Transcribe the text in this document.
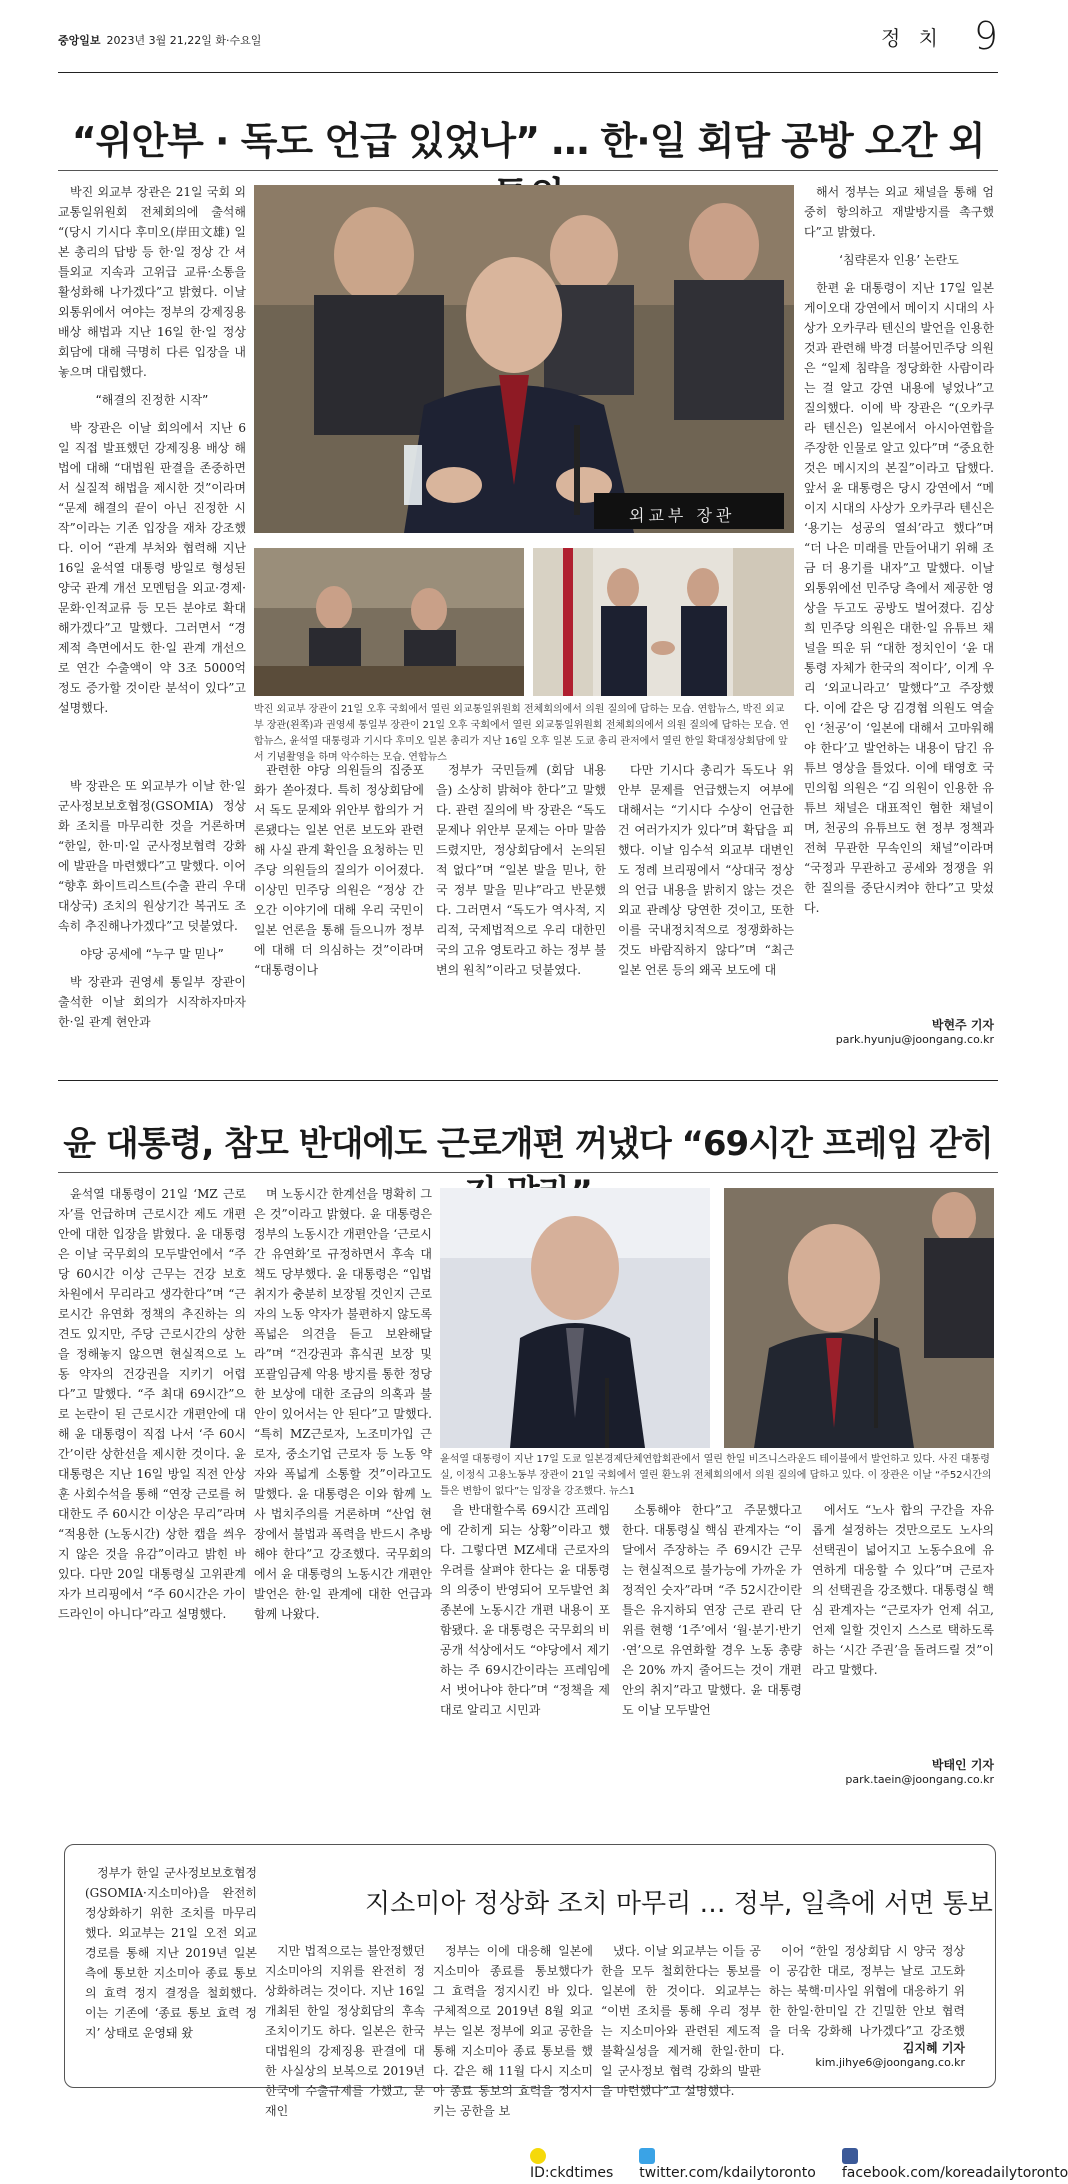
중앙일보 2023년 3월 21,22일 화·수요일	정 치 9
“위안부 · 독도 언급 있었나” … 한·일 회담 공방 오간 외

박진 외교부 장관은 21일 국회 외교통일위원회 전체회의에 출석해 “(당시 기시다 후미오(岸田文雄) 일본 총리의 답방 등 한·일 정상 간 셔틀외교 지속과 고위급 교류·소통을 활성화해 나가겠다”고 밝혔다. 이날 외통위에서 여야는 정부의 강제징용 배상 해법과 지난 16일 한·일 정상회담에 대해 극명히 다른 입장을 내놓으며 대립했다.

“해결의 진정한 시작”

박 장관은 이날 회의에서 지난 6일 직접 발표했던 강제징용 배상 해법에 대해 “대법원 판결을 존중하면서 실질적 해법을 제시한 것”이라며 “문제 해결의 끝이 아닌 진정한 시작”이라는 기존 입장을 재차 강조했다. 이어 “관계 부처와 협력해 지난 16일 윤석열 대통령 방일로 형성된 양국 관계 개선 모멘텀을 외교·경제·문화·인적교류 등 모든 분야로 확대해가겠다”고 말했다. 그러면서 “경제적 측면에서도 한·일 관계 개선으로 연간 수출액이 약 3조 5000억 정도 증가할 것이란 분석이 있다”고 설명했다.

외교부 장관
박진 외교부 장관이 21일 오후 국회에서 열린 외교통일위원회 전체회의에서 의원 질의에 답하는 모습. 연합뉴스, 박진 외교부 장관(왼쪽)과 권영세 통일부 장관이 21일 오후 국회에서 열린 외교통일위원회 전체회의에서 의원 질의에 답하는 모습. 연합뉴스, 윤석열 대통령과 기시다 후미오 일본 총리가 지난 16일 오후 일본 도쿄 총리 관저에서 열린 한일 확대정상회담에 앞서 기념촬영을 하며 악수하는 모습. 연합뉴스

관련한 야당 의원들의 집중포화가 쏟아졌다. 특히 정상회담에서 독도 문제와 위안부 합의가 거론됐다는 일본 언론 보도와 관련해 사실 관계 확인을 요청하는 민주당 의원들의 질의가 이어졌다. 이상민 민주당 의원은 “정상 간 오간 이야기에 대해 우리 국민이 일본 언론을 통해 들으니까 정부에 대해 더 의심하는 것”이라며 “대통령이나

정부가 국민들께 (회담 내용을) 소상히 밝혀야 한다”고 말했다. 관련 질의에 박 장관은 “독도 문제나 위안부 문제는 아마 말씀드렸지만, 정상회담에서 논의된 적 없다”며 “일본 발을 믿나, 한국 정부 말을 믿냐”라고 반문했다. 그러면서 “독도가 역사적, 지리적, 국제법적으로 우리 대한민국의 고유 영토라고 하는 정부 불변의 원칙”이라고 덧붙였다.

다만 기시다 총리가 독도나 위안부 문제를 언급했는지 여부에 대해서는 “기시다 수상이 언급한 건 여러가지가 있다”며 확답을 피했다. 이날 임수석 외교부 대변인도 정례 브리핑에서 “상대국 정상의 언급 내용을 밝히지 않는 것은 외교 관례상 당연한 것이고, 또한 이를 국내정치적으로 정쟁화하는 것도 바람직하지 않다”며 “최근 일본 언론 등의 왜곡 보도에 대

해서 정부는 외교 채널을 통해 엄중히 항의하고 재발방지를 촉구했다”고 밝혔다.

‘침략론자 인용’ 논란도

한편 윤 대통령이 지난 17일 일본 게이오대 강연에서 메이지 시대의 사상가 오카쿠라 텐신의 발언을 인용한 것과 관련해 박경 더불어민주당 의원은 “일제 침략을 정당화한 사람이라는 걸 알고 강연 내용에 넣었나”고 질의했다. 이에 박 장관은 “(오카쿠라 텐신은) 일본에서 아시아연합을 주장한 인물로 알고 있다”며 “중요한 것은 메시지의 본질”이라고 답했다. 앞서 윤 대통령은 당시 강연에서 “메이지 시대의 사상가 오카쿠라 텐신은 ‘용기는 성공의 열쇠’라고 했다”며 “더 나은 미래를 만들어내기 위해 조금 더 용기를 내자”고 말했다. 이날 외통위에선 민주당 측에서 제공한 영상을 두고도 공방도 벌어졌다. 김상희 민주당 의원은 대한·일 유튜브 채널을 띄운 뒤 “대한 정치인이 ‘윤 대통령 자체가 한국의 적이다’, 이게 우리 ‘외교니라고’ 말했다”고 주장했다. 이에 같은 당 김경협 의원도 역술인 ‘천공’이 ‘일본에 대해서 고마워해야 한다’고 발언하는 내용이 담긴 유튜브 영상을 틀었다. 이에 태영호 국민의힘 의원은 “김 의원이 인용한 유튜브 채널은 대표적인 혐한 채널이며, 천공의 유튜브도 현 정부 정책과 전혀 무관한 무속인의 채널”이라며 “국정과 무관하고 공세와 정쟁을 위한 질의를 중단시켜야 한다”고 맞섰다.

박 장관은 또 외교부가 이날 한·일 군사정보보호협정(GSOMIA) 정상화 조치를 마무리한 것을 거론하며 “한일, 한·미·일 군사정보협력 강화에 발판을 마련했다”고 말했다. 이어 “향후 화이트리스트(수출 관리 우대 대상국) 조치의 원상기간 복귀도 조속히 추진해나가겠다”고 덧붙였다.

야당 공세에 “누구 말 믿나”

박 장관과 권영세 통일부 장관이 출석한 이날 회의가 시작하자마자 한·일 관계 현안과	박현주 기자
park.hyunju@joongang.co.kr
윤 대통령, 참모 반대에도 근로개편 꺼냈다 “69시간 프레임 갇히

윤석열 대통령이 21일 ‘MZ 근로자’를 언급하며 근로시간 제도 개편안에 대한 입장을 밝혔다. 윤 대통령은 이날 국무회의 모두발언에서 “주당 60시간 이상 근무는 건강 보호 차원에서 무리라고 생각한다”며 “근로시간 유연화 정책의 추진하는 의견도 있지만, 주당 근로시간의 상한을 정해놓지 않으면 현실적으로 노동 약자의 건강권을 지키기 어렵다”고 말했다. “주 최대 69시간”으로 논란이 된 근로시간 개편안에 대해 윤 대통령이 직접 나서 ‘주 60시간’이란 상한선을 제시한 것이다. 윤 대통령은 지난 16일 방일 직전 안상훈 사회수석을 통해 “연장 근로를 허대한도 주 60시간 이상은 무리”라며 “적용한 (노동시간) 상한 캡을 씌우지 않은 것을 유감”이라고 밝힌 바 있다. 다만 20일 대통령실 고위관계자가 브리핑에서 “주 60시간은 가이드라인이 아니다”라고 설명했다.

며 노동시간 한계선을 명확히 그은 것”이라고 밝혔다. 윤 대통령은 정부의 노동시간 개편안을 ‘근로시간 유연화’로 규정하면서 후속 대책도 당부했다. 윤 대통령은 “입법 취지가 충분히 보장될 것인지 근로자의 노동 약자가 불편하지 않도록 폭넓은 의견을 듣고 보완해달라”며 “건강권과 휴식권 보장 및 포괄임금제 악용 방지를 통한 정당한 보상에 대한 조금의 의혹과 불안이 있어서는 안 된다”고 말했다. “특히 MZ근로자, 노조미가입 근로자, 중소기업 근로자 등 노동 약자와 폭넓게 소통할 것”이라고도 말했다. 윤 대통령은 이와 함께 노사 법치주의를 거론하며 “산업 현장에서 불법과 폭력을 반드시 추방해야 한다”고 강조했다. 국무회의에서 윤 대통령의 노동시간 개편안 발언은 한·일 관계에 대한 언급과 함께 나왔다.

윤석열 대통령이 지난 17일 도쿄 일본경제단체연합회관에서 열린 한일 비즈니스라운드 테이블에서 발언하고 있다. 사진 대통령실, 이정식 고용노동부 장관이 21일 국회에서 열린 환노위 전체회의에서 의원 질의에 답하고 있다. 이 장관은 이날 “주52시간의 틀은 변함이 없다”는 입장을 강조했다. 뉴스1

을 반대할수록 69시간 프레임에 갇히게 되는 상황”이라고 했다. 그렇다면 MZ세대 근로자의 우려를 살펴야 한다는 윤 대통령의 의중이 반영되어 모두발언 최종본에 노동시간 개편 내용이 포함됐다. 윤 대통령은 국무회의 비공개 석상에서도 “야당에서 제기하는 주 69시간이라는 프레임에서 벗어나야 한다”며 “정책을 제대로 알리고 시민과

소통해야 한다”고 주문했다고 한다. 대통령실 핵심 관계자는 “이달에서 주장하는 주 69시간 근무는 현실적으로 불가능에 가까운 가정적인 숫자”라며 “주 52시간이란 틀은 유지하되 연장 근로 관리 단위를 현행 ‘1주’에서 ‘월·분기·반기·연’으로 유연화할 경우 노동 총량은 20% 까지 줄어드는 것이 개편안의 취지”라고 말했다. 윤 대통령도 이날 모두발언

에서도 “노사 합의 구간을 자유롭게 설정하는 것만으로도 노사의 선택권이 넓어지고 노동수요에 유연하게 대응할 수 있다”며 근로자의 선택권을 강조했다. 대통령실 핵심 관계자는 “근로자가 언제 쉬고, 언제 일할 것인지 스스로 택하도록 하는 ‘시간 주권’을 돌려드릴 것”이라고 말했다.

박태인 기자
park.taein@joongang.co.kr
지소미아 정상화 조치 마무리 … 정부, 일측에 서면 통보

정부가 한일 군사정보보호협정(GSOMIA·지소미아)을 완전히 정상화하기 위한 조치를 마무리했다. 외교부는 21일 오전 외교경로를 통해 지난 2019년 일본 측에 통보한 지소미아 종료 통보의 효력 정지 결정을 철회했다. 이는 기존에 ‘종료 통보 효력 정지’ 상태로 운영돼 왔

지만 법적으로는 불안정했던 지소미아의 지위를 완전히 정상화하려는 것이다. 지난 16일 개최된 한일 정상회담의 후속 조치이기도 하다. 일본은 한국 대법원의 강제징용 판결에 대한 사실상의 보복으로 2019년 한국에 수출규제를 가했고, 문재인

정부는 이에 대응해 일본에 지소미아 종료를 통보했다가 그 효력을 정지시킨 바 있다. 구체적으로 2019년 8월 외교부는 일본 정부에 외교 공한을 통해 지소미아 종료 통보를 했다. 같은 해 11월 다시 지소미아 종료 통보의 효력을 정지시키는 공한을 보

냈다. 이날 외교부는 이들 공한을 모두 철회한다는 통보를 일본에 한 것이다. 외교부는 “이번 조치를 통해 우리 정부는 지소미아와 관련된 제도적 불확실성을 제거해 한일·한미일 군사정보 협력 강화의 발판을 마련했다”고 설명했다.

이어 “한일 정상회담 시 양국 정상이 공감한 대로, 정부는 날로 고도화하는 북핵·미사일 위협에 대응하기 위한 한일·한미일 간 긴밀한 안보 협력을 더욱 강화해 나가겠다”고 강조했다.	김지혜 기자
kim.jihye6@joongang.co.kr
ID:ckdtimes twitter.com/kdailytoronto facebook.com/koreadailytoronto
